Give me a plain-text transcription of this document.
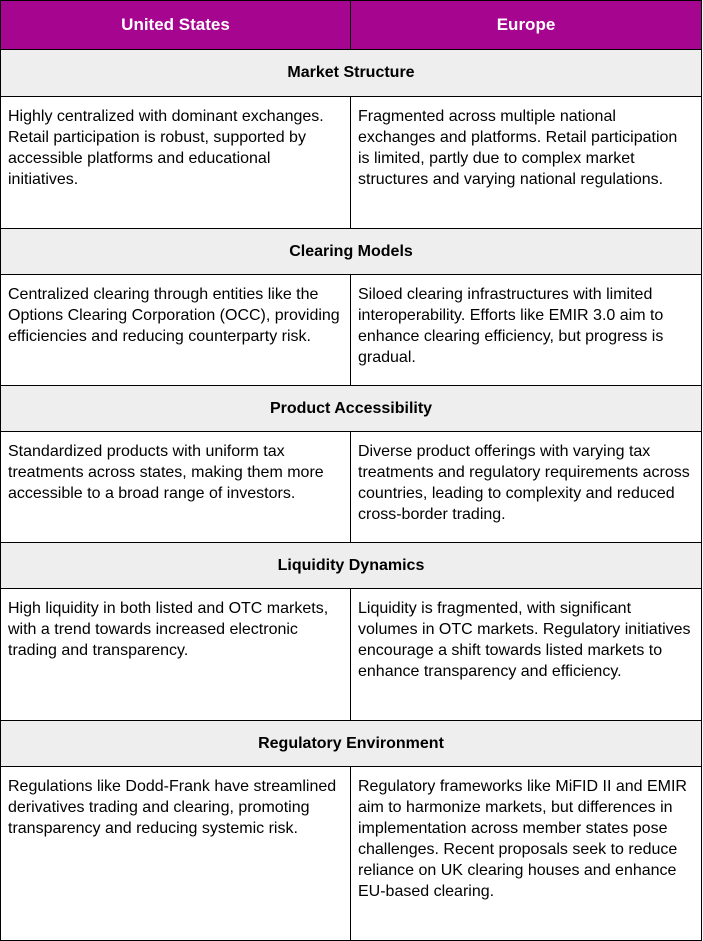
United States	Europe
Market Structure	
Highly centralized with dominant exchanges. Retail participation is robust, supported by accessible platforms and educational initiatives.	Fragmented across multiple national exchanges and platforms. Retail participation is limited, partly due to complex market structures and varying national regulations.
Clearing Models	
Centralized clearing through entities like the Options Clearing Corporation (OCC), providing efficiencies and reducing counterparty risk.	Siloed clearing infrastructures with limited interoperability. Efforts like EMIR 3.0 aim to enhance clearing efficiency, but progress is gradual.
Product Accessibility	
Standardized products with uniform tax treatments across states, making them more accessible to a broad range of investors.	Diverse product offerings with varying tax treatments and regulatory requirements across countries, leading to complexity and reduced cross-border trading.
Liquidity Dynamics	
High liquidity in both listed and OTC markets, with a trend towards increased electronic trading and transparency.	Liquidity is fragmented, with significant volumes in OTC markets. Regulatory initiatives encourage a shift towards listed markets to enhance transparency and efficiency.
Regulatory Environment	
Regulations like Dodd-Frank have streamlined derivatives trading and clearing, promoting transparency and reducing systemic risk.	Regulatory frameworks like MiFID II and EMIR aim to harmonize markets, but differences in implementation across member states pose challenges. Recent proposals seek to reduce reliance on UK clearing houses and enhance EU-based clearing.
